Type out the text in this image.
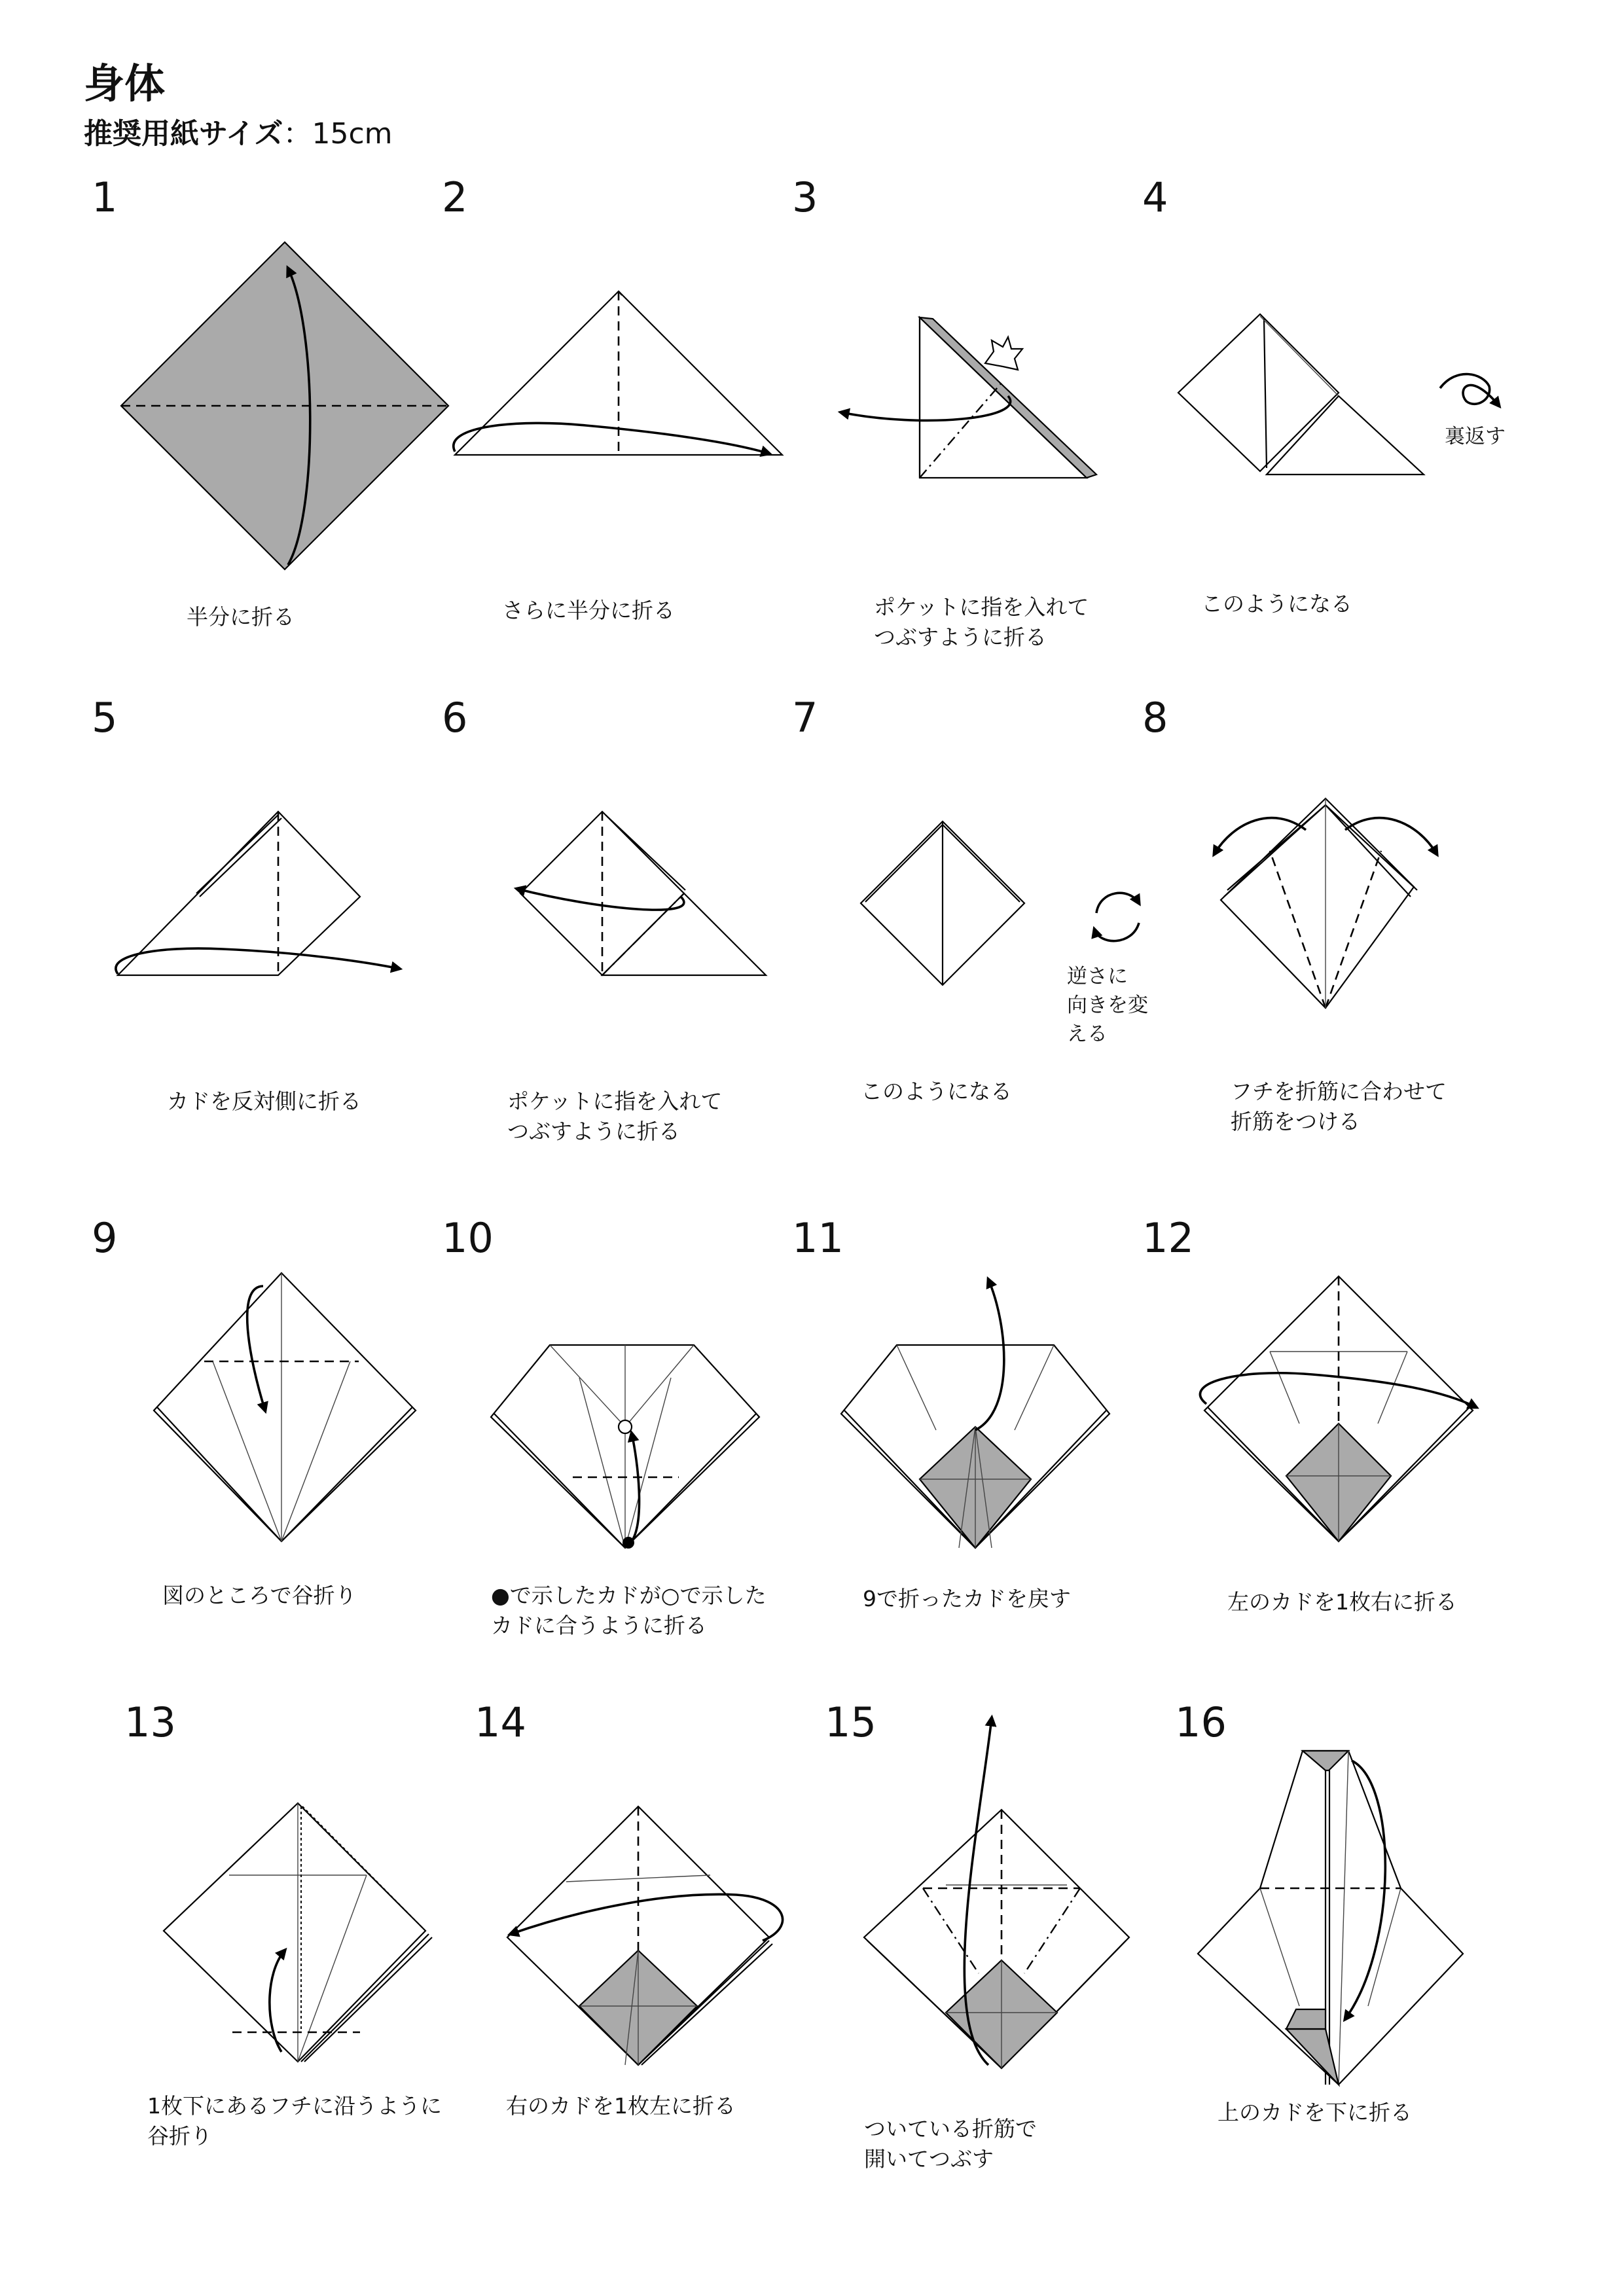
身体
推奨用紙サイズ：15cm
1
半分に折る
2
さらに半分に折る
3
ポケットに指を入れて
つぶすように折る
4
裏返す
このようになる
5
カドを反対側に折る
6
ポケットに指を入れて
つぶすように折る
7
逆さに
向きを変える
このようになる
8
フチを折筋に合わせて
折筋をつける
9
図のところで谷折り
10
●で示したカドが○で示した
カドに合うように折る
11
9で折ったカドを戻す
12
左のカドを1枚右に折る
13
1枚下にあるフチに沿うように
谷折り
14
右のカドを1枚左に折る
15
ついている折筋で
開いてつぶす
16
上のカドを下に折る
